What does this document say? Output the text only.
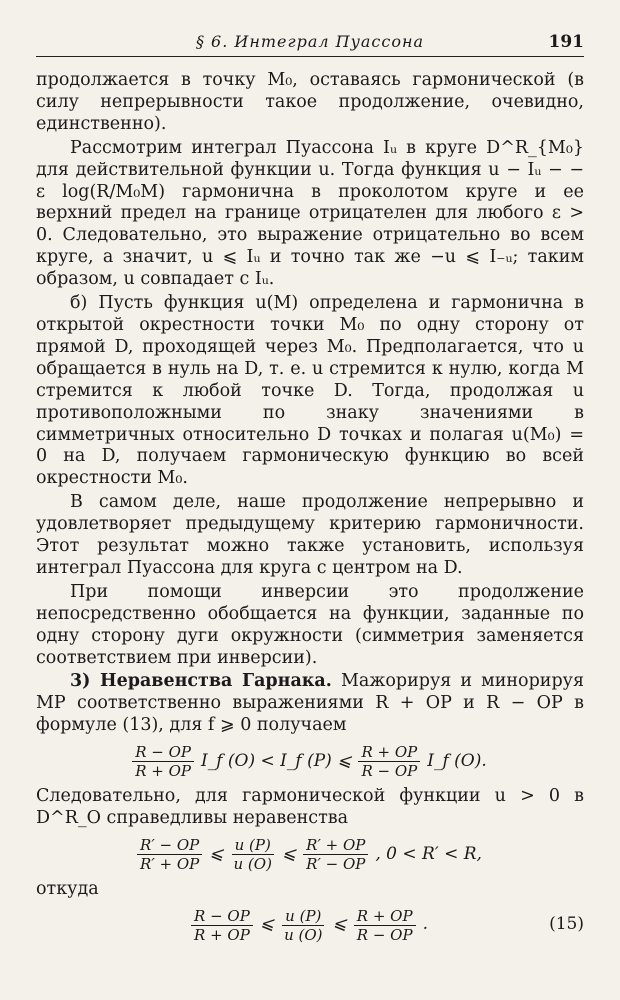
§ 6. Интеграл Пуассона	191

продолжается в точку M₀, оставаясь гармонической (в силу непрерывности такое продолжение, очевидно, единственно).

Рассмотрим интеграл Пуассона Iᵤ в круге D^R_{M₀} для действительной функции u. Тогда функция u − Iᵤ − − ε log(R/M₀M) гармонична в проколотом круге и ее верхний предел на границе отрицателен для любого ε > 0. Следовательно, это выражение отрицательно во всем круге, а значит, u ⩽ Iᵤ и точно так же −u ⩽ I₋ᵤ; таким образом, u совпадает с Iᵤ.

б) Пусть функция u(M) определена и гармонична в открытой окрестности точки M₀ по одну сторону от прямой D, проходящей через M₀. Предполагается, что u обращается в нуль на D, т. е. u стремится к нулю, когда M стремится к любой точке D. Тогда, продолжая u противоположными по знаку значениями в симметричных относительно D точках и полагая u(M₀) = 0 на D, получаем гармоническую функцию во всей окрестности M₀.

В самом деле, наше продолжение непрерывно и удовлетворяет предыдущему критерию гармоничности. Этот результат можно также установить, используя интеграл Пуассона для круга с центром на D.

При помощи инверсии это продолжение непосредственно обобщается на функции, заданные по одну сторону дуги окружности (симметрия заменяется соответствием при инверсии).

3) Неравенства Гарнака. Мажорируя и минорируя MP соответственно выражениями R + OP и R − OP в формуле (13), для f ⩾ 0 получаем

$\frac{R - OP}{R + OP}$ I_f (O) < I_f (P) ⩽ $\frac{R + OP}{R - OP}$ I_f (O).

Следовательно, для гармонической функции u > 0 в D^R_O справедливы неравенства

$\frac{R' - OP}{R' + OP}$ ⩽ $\frac{u (P)}{u (O)}$ ⩽ $\frac{R' + OP}{R' - OP}$ , 0 < R′ < R,

откуда

$\frac{R - OP}{R + OP}$ ⩽ $\frac{u (P)}{u (O)}$ ⩽ $\frac{R + OP}{R - OP}$ .	(15)
